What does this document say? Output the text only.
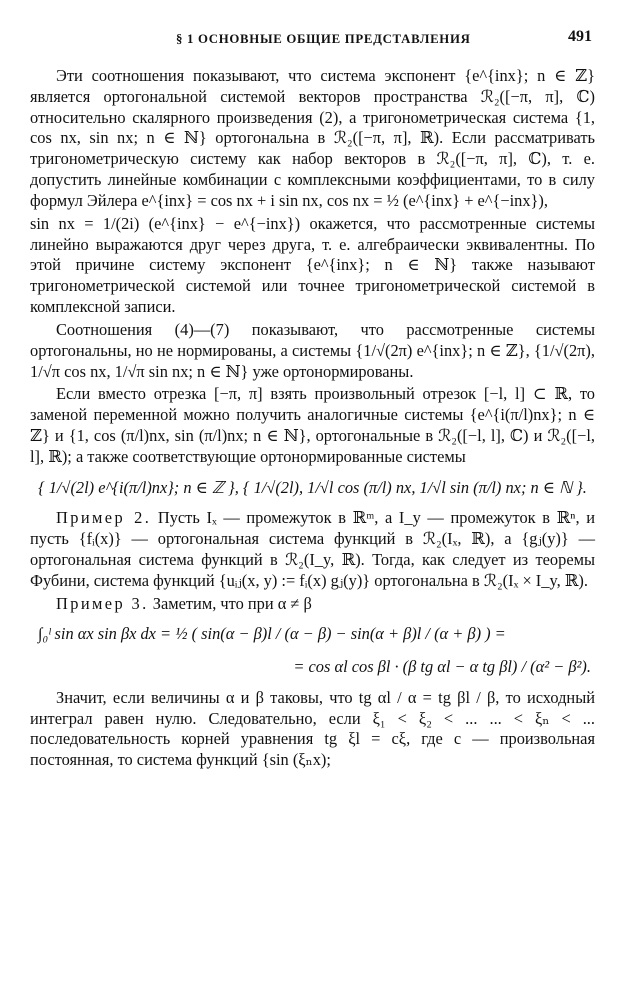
§ 1 ОСНОВНЫЕ ОБЩИЕ ПРЕДСТАВЛЕНИЯ	491

Эти соотношения показывают, что система экспонент {e^{inx}; n ∈ ℤ} является ортогональной системой векторов пространства ℛ₂([−π, π], ℂ) относительно скалярного произведения (2), а тригонометрическая система {1, cos nx, sin nx; n ∈ ℕ} ортогональна в ℛ₂([−π, π], ℝ). Если рассматривать тригонометрическую систему как набор векторов в ℛ₂([−π, π], ℂ), т. е. допустить линейные комбинации с комплексными коэффициентами, то в силу формул Эйлера e^{inx} = cos nx + i sin nx, cos nx = ½ (e^{inx} + e^{−inx}),

sin nx = 1/(2i) (e^{inx} − e^{−inx}) окажется, что рассмотренные системы линейно выражаются друг через друга, т. е. алгебраически эквивалентны. По этой причине систему экспонент {e^{inx}; n ∈ ℕ} также называют тригонометрической системой или точнее тригонометрической системой в комплексной записи.

Соотношения (4)—(7) показывают, что рассмотренные системы ортогональны, но не нормированы, а системы {1/√(2π) e^{inx}; n ∈ ℤ}, {1/√(2π), 1/√π cos nx, 1/√π sin nx; n ∈ ℕ} уже ортонормированы.

Если вместо отрезка [−π, π] взять произвольный отрезок [−l, l] ⊂ ℝ, то заменой переменной можно получить аналогичные системы {e^{i(π/l)nx}; n ∈ ℤ} и {1, cos (π/l)nx, sin (π/l)nx; n ∈ ℕ}, ортогональные в ℛ₂([−l, l], ℂ) и ℛ₂([−l, l], ℝ); а также соответствующие ортонормированные системы

{ 1/√(2l) e^{i(π/l)nx}; n ∈ ℤ }, { 1/√(2l), 1/√l cos (π/l) nx, 1/√l sin (π/l) nx; n ∈ ℕ }.

Пример 2. Пусть Iₓ — промежуток в ℝᵐ, а I_y — промежуток в ℝⁿ, и пусть {fᵢ(x)} — ортогональная система функций в ℛ₂(Iₓ, ℝ), а {gⱼ(y)} — ортогональная система функций в ℛ₂(I_y, ℝ). Тогда, как следует из теоремы Фубини, система функций {uᵢⱼ(x, y) := fᵢ(x) gⱼ(y)} ортогональна в ℛ₂(Iₓ × I_y, ℝ).

Пример 3. Заметим, что при α ≠ β

∫₀ˡ sin αx sin βx dx = ½ ( sin(α − β)l / (α − β) − sin(α + β)l / (α + β) ) =
= cos αl cos βl · (β tg αl − α tg βl) / (α² − β²).

Значит, если величины α и β таковы, что tg αl / α = tg βl / β, то исходный интеграл равен нулю. Следовательно, если ξ₁ < ξ₂ < ... ... < ξₙ < ... последовательность корней уравнения tg ξl = cξ, где c — произвольная постоянная, то система функций {sin (ξₙx);
